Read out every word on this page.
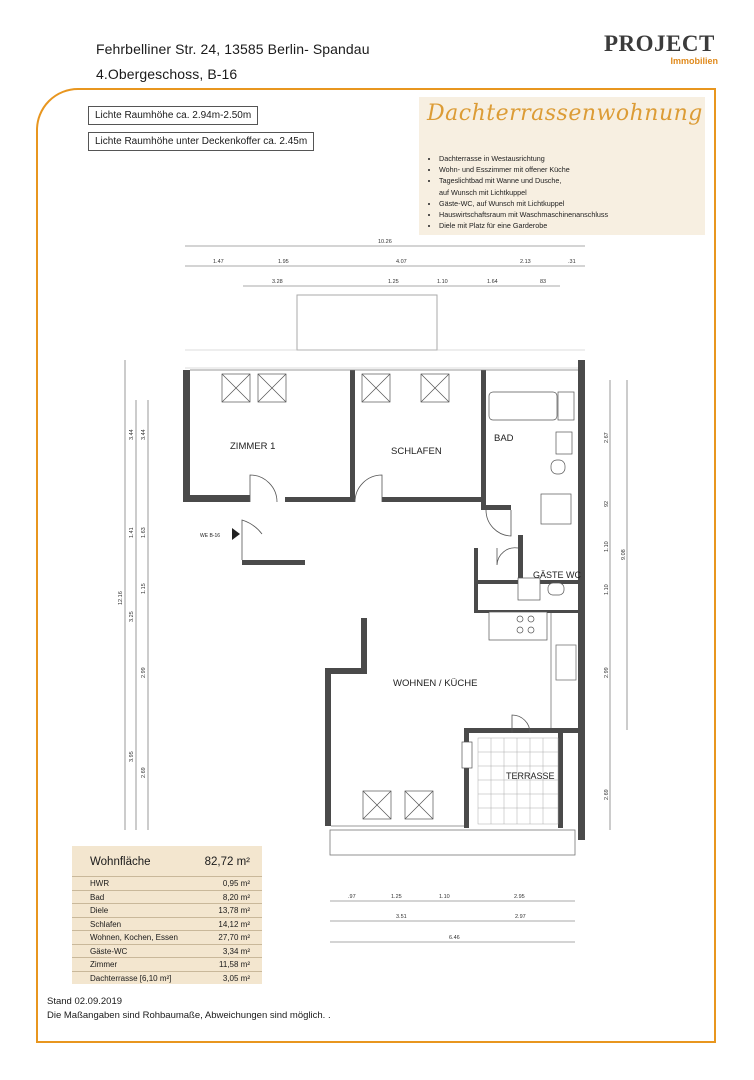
Fehrbelliner Str. 24, 13585 Berlin- Spandau
4.Obergeschoss, B-16
PROJECT
Immobilien
Lichte Raumhöhe ca. 2.94m-2.50m
Lichte Raumhöhe unter Deckenkoffer ca. 2.45m
Dachterrassenwohnung
• Dachterrasse in Westausrichtung
• Wohn- und Esszimmer mit offener Küche
• Tageslichtbad mit Wanne und Dusche,
auf Wunsch mit Lichtkuppel
• Gäste-WC, auf Wunsch mit Lichtkuppel
• Hauswirtschaftsraum mit Waschmaschinenanschluss
• Diele mit Platz für eine Garderobe
ZIMMER 1	SCHLAFEN
BAD
GÄSTE WC
WOHNEN / KÜCHE
TERRASSE
WE B-16
10.26
1.47	1.95	4.07	2.13	.31
3.28	1.25	1.10	1.64	83
.97	1.25	1.10	2.95
3.51	2.97
6.46
12.16
3.44
1.41
3.25
3.95
3.44
1.63
1.15
2.99
2.69
2.67
92
1.10
1.10
2.99
2.69
9.08
Wohnfläche	82,72 m²
HWR	0,95 m²
Bad	8,20 m²
Diele	13,78 m²
Schlafen	14,12 m²
Wohnen, Kochen, Essen	27,70 m²
Gäste-WC	3,34 m²
Zimmer	11,58 m²
Dachterrasse [6,10 m²]	3,05 m²
Stand 02.09.2019
Die Maßangaben sind Rohbaumaße, Abweichungen sind möglich. .
